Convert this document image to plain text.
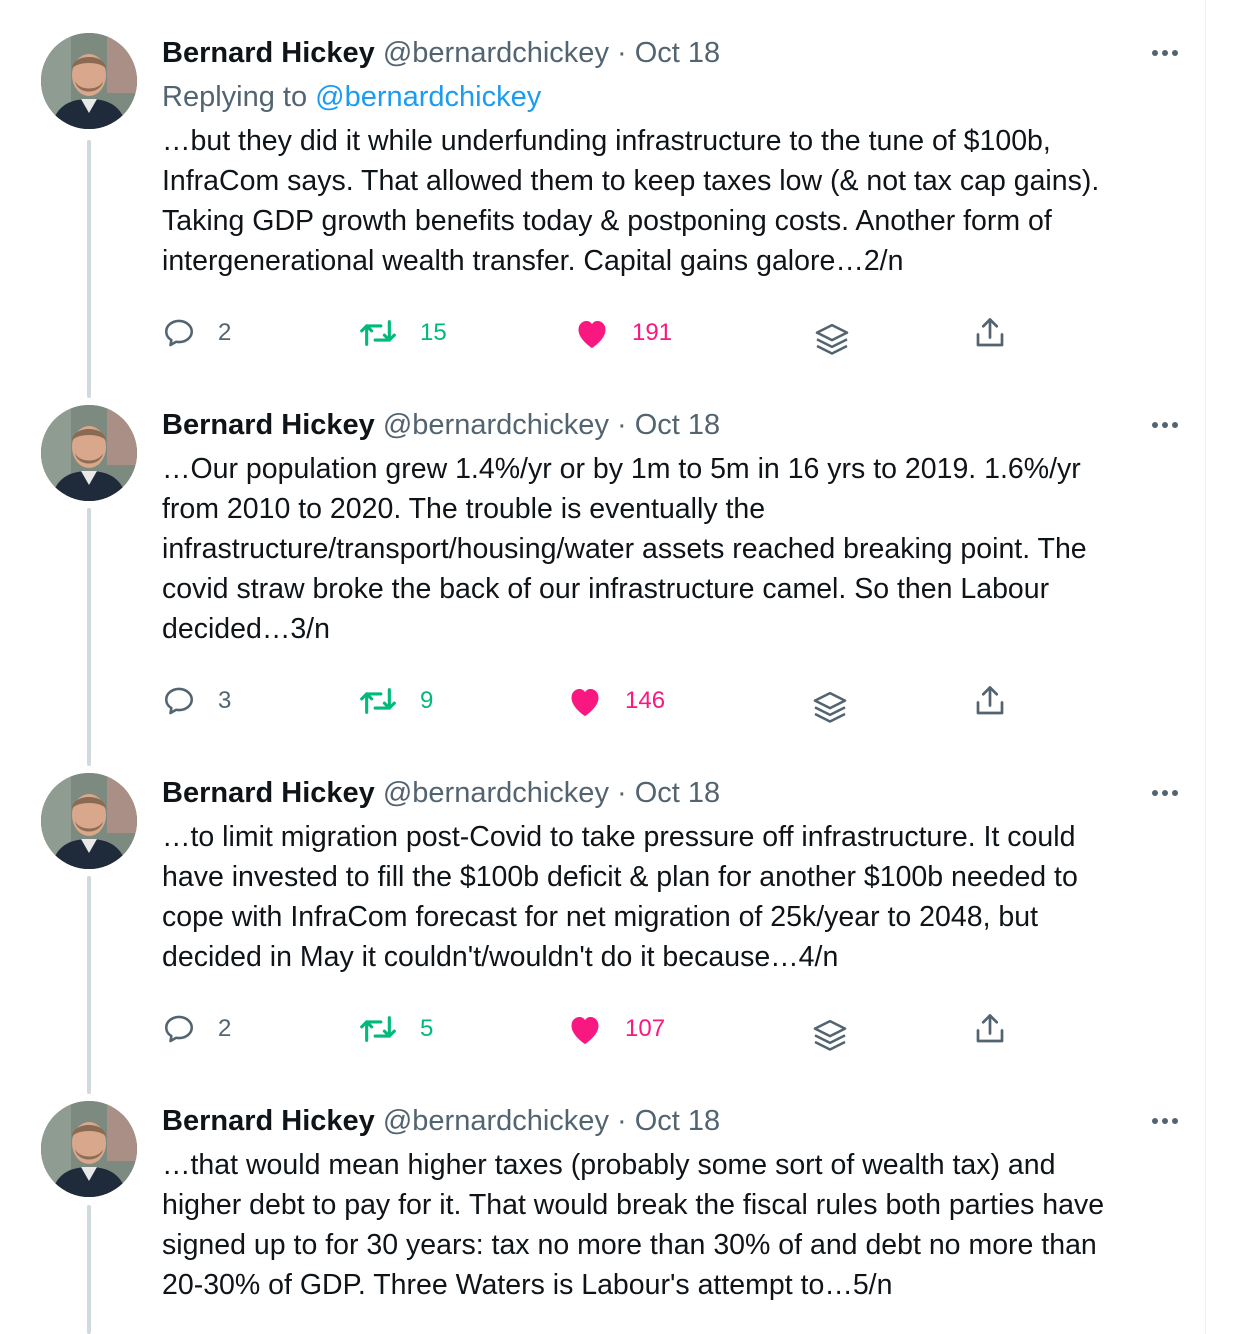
Bernard Hickey @bernardchickey · Oct 18
Replying to @bernardchickey
…but they did it while underfunding infrastructure to the tune of $100b,
InfraCom says. That allowed them to keep taxes low (& not tax cap gains).
Taking GDP growth benefits today & postponing costs. Another form of
intergenerational wealth transfer. Capital gains galore…2/n
2	15	191
Bernard Hickey @bernardchickey · Oct 18
…Our population grew 1.4%/yr or by 1m to 5m in 16 yrs to 2019. 1.6%/yr
from 2010 to 2020. The trouble is eventually the
infrastructure/transport/housing/water assets reached breaking point. The
covid straw broke the back of our infrastructure camel. So then Labour
decided…3/n
3	9	146
Bernard Hickey @bernardchickey · Oct 18
…to limit migration post-Covid to take pressure off infrastructure. It could
have invested to fill the $100b deficit & plan for another $100b needed to
cope with InfraCom forecast for net migration of 25k/year to 2048, but
decided in May it couldn't/wouldn't do it because…4/n
2	5	107
Bernard Hickey @bernardchickey · Oct 18
…that would mean higher taxes (probably some sort of wealth tax) and
higher debt to pay for it. That would break the fiscal rules both parties have
signed up to for 30 years: tax no more than 30% of and debt no more than
20-30% of GDP. Three Waters is Labour's attempt to…5/n
